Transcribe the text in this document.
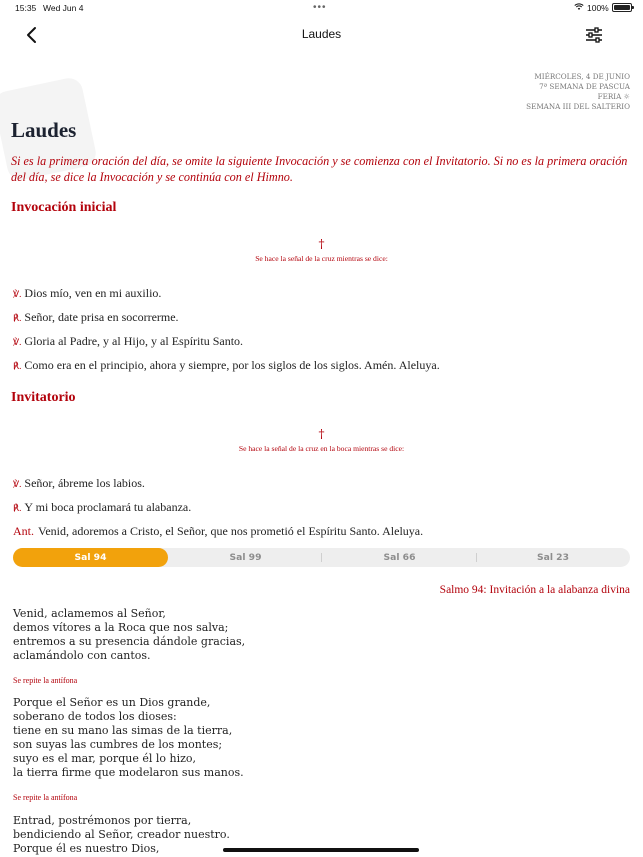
15:35 Wed Jun 4	•••	100%
Laudes
MIÉRCOLES, 4 DE JUNIO
7ª SEMANA DE PASCUA
FERIA ☼
SEMANA III DEL SALTERIO
Laudes
Si es la primera oración del día, se omite la siguiente Invocación y se comienza con el Invitatorio. Si no es la primera oración del día, se dice la Invocación y se continúa con el Himno.
Invocación inicial
†
Se hace la señal de la cruz mientras se dice:
℣. Dios mío, ven en mi auxilio.
℟. Señor, date prisa en socorrerme.
℣. Gloria al Padre, y al Hijo, y al Espíritu Santo.
℟. Como era en el principio, ahora y siempre, por los siglos de los siglos. Amén. Aleluya.
Invitatorio
†
Se hace la señal de la cruz en la boca mientras se dice:
℣. Señor, ábreme los labios.
℟. Y mi boca proclamará tu alabanza.
Ant. Venid, adoremos a Cristo, el Señor, que nos prometió el Espíritu Santo. Aleluya.
Sal 94	Sal 99	Sal 66	Sal 23
Salmo 94: Invitación a la alabanza divina
Venid, aclamemos al Señor,
demos vítores a la Roca que nos salva;
entremos a su presencia dándole gracias,
aclamándolo con cantos.
Se repite la antífona
Porque el Señor es un Dios grande,
soberano de todos los dioses:
tiene en su mano las simas de la tierra,
son suyas las cumbres de los montes;
suyo es el mar, porque él lo hizo,
la tierra firme que modelaron sus manos.
Se repite la antífona
Entrad, postrémonos por tierra,
bendiciendo al Señor, creador nuestro.
Porque él es nuestro Dios,
